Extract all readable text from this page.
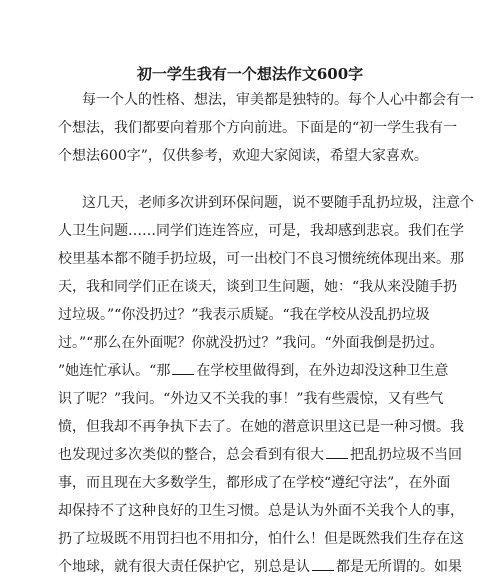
初一学生我有一个想法作文600字

每一个人的性格、想法，审美都是独特的。每个人心中都会有一

个想法，我们都要向着那个方向前进。下面是的“初一学生我有一

个想法600字”，仅供参考，欢迎大家阅读，希望大家喜欢。

这几天，老师多次讲到环保问题，说不要随手乱扔垃圾，注意个

人卫生问题……同学们连连答应，可是，我却感到悲哀。我们在学

校里基本都不随手扔垃圾，可一出校门不良习惯统统体现出来。那

天，我和同学们正在谈天，谈到卫生问题，她：“我从来没随手扔

过垃圾。”“你没扔过？”我表示质疑。“我在学校从没乱扔垃圾

过。”“那么在外面呢？你就没扔过？”我问。“外面我倒是扔过。

”她连忙承认。“那 在学校里做得到，在外边却没这种卫生意

识了呢？”我问。“外边又不关我的事！”我有些震惊，又有些气

愤，但我却不再争执下去了。在她的潜意识里这已是一种习惯。我

也发现过多次类似的整合，总会看到有很大 把乱扔垃圾不当回

事，而且现在大多数学生，都形成了在学校“遵纪守法”，在外面

却保持不了这种良好的卫生习惯。总是认为外面不关我个人的事，

扔了垃圾既不用罚扫也不用扣分，怕什么！但是既然我们生存在这

个地球，就有很大责任保护它，别总是认 都是无所谓的。如果
